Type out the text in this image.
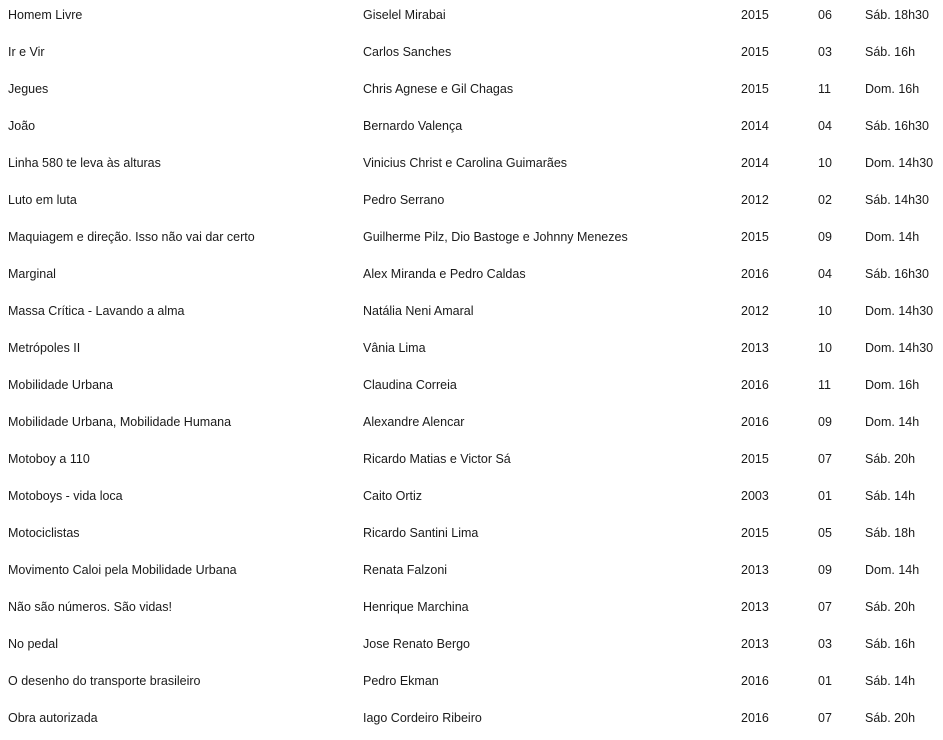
Homem Livre	Giselel Mirabai	2015	06	Sáb. 18h30
Ir e Vir	Carlos Sanches	2015	03	Sáb. 16h
Jegues	Chris Agnese e Gil Chagas	2015	11	Dom. 16h
João	Bernardo Valença	2014	04	Sáb. 16h30
Linha 580 te leva às alturas	Vinicius Christ e Carolina Guimarães	2014	10	Dom. 14h30
Luto em luta	Pedro Serrano	2012	02	Sáb. 14h30
Maquiagem e direção. Isso não vai dar certo	Guilherme Pilz, Dio Bastoge e Johnny Menezes	2015	09	Dom. 14h
Marginal	Alex Miranda e Pedro Caldas	2016	04	Sáb. 16h30
Massa Crítica - Lavando a alma	Natália Neni Amaral	2012	10	Dom. 14h30
Metrópoles II	Vânia Lima	2013	10	Dom. 14h30
Mobilidade Urbana	Claudina Correia	2016	11	Dom. 16h
Mobilidade Urbana, Mobilidade Humana	Alexandre Alencar	2016	09	Dom. 14h
Motoboy a 110	Ricardo Matias e Victor Sá	2015	07	Sáb. 20h
Motoboys - vida loca	Caito Ortiz	2003	01	Sáb. 14h
Motociclistas	Ricardo Santini Lima	2015	05	Sáb. 18h
Movimento Caloi pela Mobilidade Urbana	Renata Falzoni	2013	09	Dom. 14h
Não são números. São vidas!	Henrique Marchina	2013	07	Sáb. 20h
No pedal	Jose Renato Bergo	2013	03	Sáb. 16h
O desenho do transporte brasileiro	Pedro Ekman	2016	01	Sáb. 14h
Obra autorizada	Iago Cordeiro Ribeiro	2016	07	Sáb. 20h
